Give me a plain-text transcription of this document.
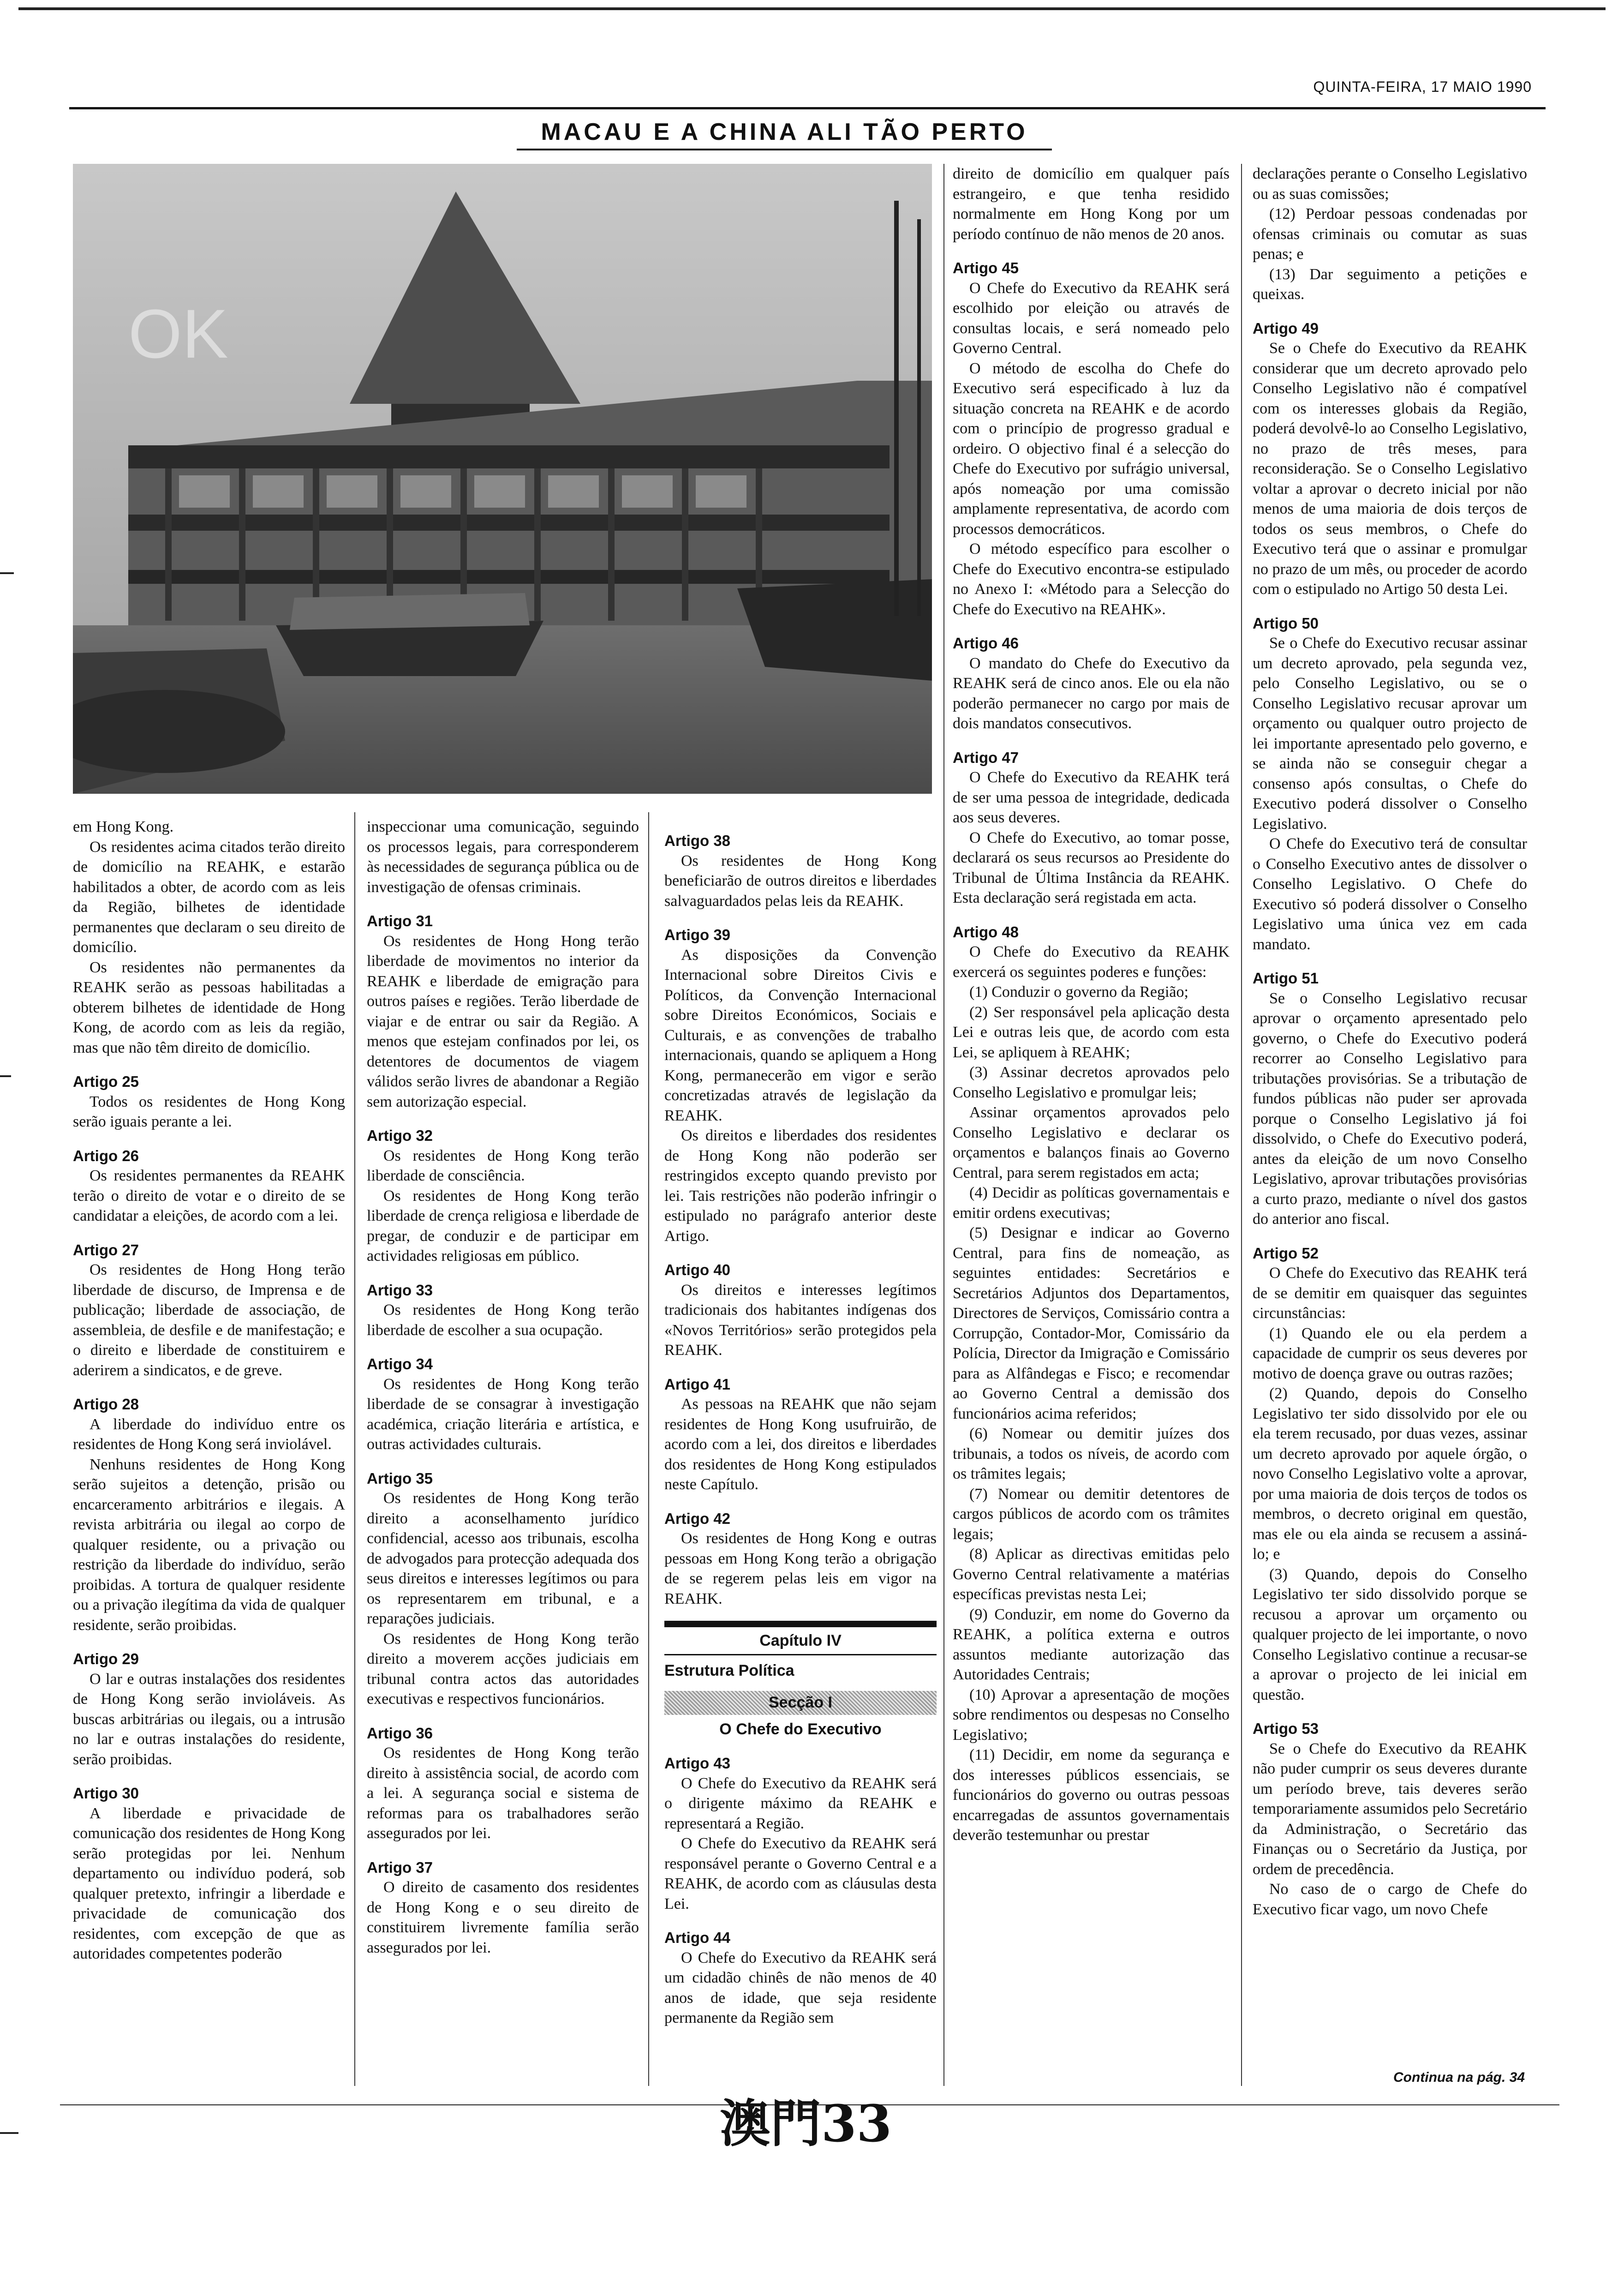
QUINTA-FEIRA, 17 MAIO 1990
MACAU E A CHINA ALI TÃO PERTO
OK

em Hong Kong.

Os residentes acima citados terão direito de domicílio na REAHK, e estarão habilitados a obter, de acordo com as leis da Região, bilhetes de identidade permanentes que declaram o seu direito de domicílio.

Os residentes não permanentes da REAHK serão as pessoas habilitadas a obterem bilhetes de identidade de Hong Kong, de acordo com as leis da região, mas que não têm direito de domicílio.

Artigo 25

Todos os residentes de Hong Kong serão iguais perante a lei.

Artigo 26

Os residentes permanentes da REAHK terão o direito de votar e o direito de se candidatar a eleições, de acordo com a lei.

Artigo 27

Os residentes de Hong Hong terão liberdade de discurso, de Imprensa e de publicação; liberdade de associação, de assembleia, de desfile e de manifestação; e o direito e liberdade de constituirem e aderirem a sindicatos, e de greve.

Artigo 28

A liberdade do indivíduo entre os residentes de Hong Kong será inviolável.

Nenhuns residentes de Hong Kong serão sujeitos a detenção, prisão ou encarceramento arbitrários e ilegais. A revista arbitrária ou ilegal ao corpo de qualquer residente, ou a privação ou restrição da liberdade do indivíduo, serão proibidas. A tortura de qualquer residente ou a privação ilegítima da vida de qualquer residente, serão proibidas.

Artigo 29

O lar e outras instalações dos residentes de Hong Kong serão invioláveis. As buscas arbitrárias ou ilegais, ou a intrusão no lar e outras instalações do residente, serão proibidas.

Artigo 30

A liberdade e privacidade de comunicação dos residentes de Hong Kong serão protegidas por lei. Nenhum departamento ou indivíduo poderá, sob qualquer pretexto, infringir a liberdade e privacidade de comunicação dos residentes, com excepção de que as autoridades competentes poderão

inspeccionar uma comunicação, seguindo os processos legais, para corresponderem às necessidades de segurança pública ou de investigação de ofensas criminais.

Artigo 31

Os residentes de Hong Hong terão liberdade de movimentos no interior da REAHK e liberdade de emigração para outros países e regiões. Terão liberdade de viajar e de entrar ou sair da Região. A menos que estejam confinados por lei, os detentores de documentos de viagem válidos serão livres de abandonar a Região sem autorização especial.

Artigo 32

Os residentes de Hong Kong terão liberdade de consciência.

Os residentes de Hong Kong terão liberdade de crença religiosa e liberdade de pregar, de conduzir e de participar em actividades religiosas em público.

Artigo 33

Os residentes de Hong Kong terão liberdade de escolher a sua ocupação.

Artigo 34

Os residentes de Hong Kong terão liberdade de se consagrar à investigação académica, criação literária e artística, e outras actividades culturais.

Artigo 35

Os residentes de Hong Kong terão direito a aconselhamento jurídico confidencial, acesso aos tribunais, escolha de advogados para protecção adequada dos seus direitos e interesses legítimos ou para os representarem em tribunal, e a reparações judiciais.

Os residentes de Hong Kong terão direito a moverem acções judiciais em tribunal contra actos das autoridades executivas e respectivos funcionários.

Artigo 36

Os residentes de Hong Kong terão direito à assistência social, de acordo com a lei. A segurança social e sistema de reformas para os trabalhadores serão assegurados por lei.

Artigo 37

O direito de casamento dos residentes de Hong Kong e o seu direito de constituirem livremente família serão assegurados por lei.

Artigo 38

Os residentes de Hong Kong beneficiarão de outros direitos e liberdades salvaguardados pelas leis da REAHK.

Artigo 39

As disposições da Convenção Internacional sobre Direitos Civis e Políticos, da Convenção Internacional sobre Direitos Económicos, Sociais e Culturais, e as convenções de trabalho internacionais, quando se apliquem a Hong Kong, permanecerão em vigor e serão concretizadas através de legislação da REAHK.

Os direitos e liberdades dos residentes de Hong Kong não poderão ser restringidos excepto quando previsto por lei. Tais restrições não poderão infringir o estipulado no parágrafo anterior deste Artigo.

Artigo 40

Os direitos e interesses legítimos tradicionais dos habitantes indígenas dos «Novos Territórios» serão protegidos pela REAHK.

Artigo 41

As pessoas na REAHK que não sejam residentes de Hong Kong usufruirão, de acordo com a lei, dos direitos e liberdades dos residentes de Hong Kong estipulados neste Capítulo.

Artigo 42

Os residentes de Hong Kong e outras pessoas em Hong Kong terão a obrigação de se regerem pelas leis em vigor na REAHK.

Capítulo IV
Estrutura Política
Secção I
O Chefe do Executivo

Artigo 43

O Chefe do Executivo da REAHK será o dirigente máximo da REAHK e representará a Região.

O Chefe do Executivo da REAHK será responsável perante o Governo Central e a REAHK, de acordo com as cláusulas desta Lei.

Artigo 44

O Chefe do Executivo da REAHK será um cidadão chinês de não menos de 40 anos de idade, que seja residente permanente da Região sem

direito de domicílio em qualquer país estrangeiro, e que tenha residido normalmente em Hong Kong por um período contínuo de não menos de 20 anos.

Artigo 45

O Chefe do Executivo da REAHK será escolhido por eleição ou através de consultas locais, e será nomeado pelo Governo Central.

O método de escolha do Chefe do Executivo será especificado à luz da situação concreta na REAHK e de acordo com o princípio de progresso gradual e ordeiro. O objectivo final é a selecção do Chefe do Executivo por sufrágio universal, após nomeação por uma comissão amplamente representativa, de acordo com processos democráticos.

O método específico para escolher o Chefe do Executivo encontra-se estipulado no Anexo I: «Método para a Selecção do Chefe do Executivo na REAHK».

Artigo 46

O mandato do Chefe do Executivo da REAHK será de cinco anos. Ele ou ela não poderão permanecer no cargo por mais de dois mandatos consecutivos.

Artigo 47

O Chefe do Executivo da REAHK terá de ser uma pessoa de integridade, dedicada aos seus deveres.

O Chefe do Executivo, ao tomar posse, declarará os seus recursos ao Presidente do Tribunal de Última Instância da REAHK. Esta declaração será registada em acta.

Artigo 48

O Chefe do Executivo da REAHK exercerá os seguintes poderes e funções:

(1) Conduzir o governo da Região;

(2) Ser responsável pela aplicação desta Lei e outras leis que, de acordo com esta Lei, se apliquem à REAHK;

(3) Assinar decretos aprovados pelo Conselho Legislativo e promulgar leis;

Assinar orçamentos aprovados pelo Conselho Legislativo e declarar os orçamentos e balanços finais ao Governo Central, para serem registados em acta;

(4) Decidir as políticas governamentais e emitir ordens executivas;

(5) Designar e indicar ao Governo Central, para fins de nomeação, as seguintes entidades: Secretários e Secretários Adjuntos dos Departamentos, Directores de Serviços, Comissário contra a Corrupção, Contador-Mor, Comissário da Polícia, Director da Imigração e Comissário para as Alfândegas e Fisco; e recomendar ao Governo Central a demissão dos funcionários acima referidos;

(6) Nomear ou demitir juízes dos tribunais, a todos os níveis, de acordo com os trâmites legais;

(7) Nomear ou demitir detentores de cargos públicos de acordo com os trâmites legais;

(8) Aplicar as directivas emitidas pelo Governo Central relativamente a matérias específicas previstas nesta Lei;

(9) Conduzir, em nome do Governo da REAHK, a política externa e outros assuntos mediante autorização das Autoridades Centrais;

(10) Aprovar a apresentação de moções sobre rendimentos ou despesas no Conselho Legislativo;

(11) Decidir, em nome da segurança e dos interesses públicos essenciais, se funcionários do governo ou outras pessoas encarregadas de assuntos governamentais deverão testemunhar ou prestar

declarações perante o Conselho Legislativo ou as suas comissões;

(12) Perdoar pessoas condenadas por ofensas criminais ou comutar as suas penas; e

(13) Dar seguimento a petições e queixas.

Artigo 49

Se o Chefe do Executivo da REAHK considerar que um decreto aprovado pelo Conselho Legislativo não é compatível com os interesses globais da Região, poderá devolvê-lo ao Conselho Legislativo, no prazo de três meses, para reconsideração. Se o Conselho Legislativo voltar a aprovar o decreto inicial por não menos de uma maioria de dois terços de todos os seus membros, o Chefe do Executivo terá que o assinar e promulgar no prazo de um mês, ou proceder de acordo com o estipulado no Artigo 50 desta Lei.

Artigo 50

Se o Chefe do Executivo recusar assinar um decreto aprovado, pela segunda vez, pelo Conselho Legislativo, ou se o Conselho Legislativo recusar aprovar um orçamento ou qualquer outro projecto de lei importante apresentado pelo governo, e se ainda não se conseguir chegar a consenso após consultas, o Chefe do Executivo poderá dissolver o Conselho Legislativo.

O Chefe do Executivo terá de consultar o Conselho Executivo antes de dissolver o Conselho Legislativo. O Chefe do Executivo só poderá dissolver o Conselho Legislativo uma única vez em cada mandato.

Artigo 51

Se o Conselho Legislativo recusar aprovar o orçamento apresentado pelo governo, o Chefe do Executivo poderá recorrer ao Conselho Legislativo para tributações provisórias. Se a tributação de fundos públicas não puder ser aprovada porque o Conselho Legislativo já foi dissolvido, o Chefe do Executivo poderá, antes da eleição de um novo Conselho Legislativo, aprovar tributações provisórias a curto prazo, mediante o nível dos gastos do anterior ano fiscal.

Artigo 52

O Chefe do Executivo das REAHK terá de se demitir em quaisquer das seguintes circunstâncias:

(1) Quando ele ou ela perdem a capacidade de cumprir os seus deveres por motivo de doença grave ou outras razões;

(2) Quando, depois do Conselho Legislativo ter sido dissolvido por ele ou ela terem recusado, por duas vezes, assinar um decreto aprovado por aquele órgão, o novo Conselho Legislativo volte a aprovar, por uma maioria de dois terços de todos os membros, o decreto original em questão, mas ele ou ela ainda se recusem a assiná-lo; e

(3) Quando, depois do Conselho Legislativo ter sido dissolvido porque se recusou a aprovar um orçamento ou qualquer projecto de lei importante, o novo Conselho Legislativo continue a recusar-se a aprovar o projecto de lei inicial em questão.

Artigo 53

Se o Chefe do Executivo da REAHK não puder cumprir os seus deveres durante um período breve, tais deveres serão temporariamente assumidos pelo Secretário da Administração, o Secretário das Finanças ou o Secretário da Justiça, por ordem de precedência.

No caso de o cargo de Chefe do Executivo ficar vago, um novo Chefe

Continua na pág. 34
澳門33
